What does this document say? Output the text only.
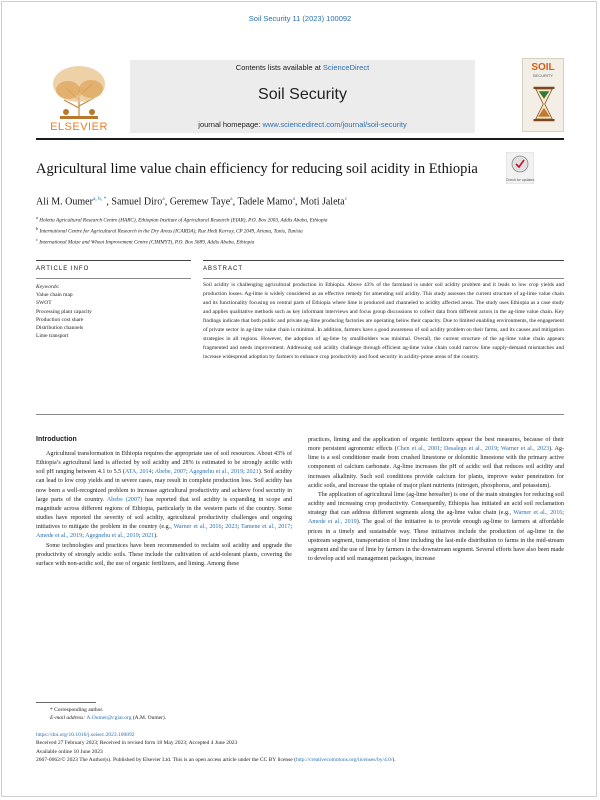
Soil Security 11 (2023) 100092
ELSEVIER
Contents lists available at ScienceDirect
Soil Security
journal homepage: www.sciencedirect.com/journal/soil-security
SOIL
SECURITY
Agricultural lime value chain efficiency for reducing soil acidity in Ethiopia
Check for updates
Ali M. Oumer$^{a, b, *}$, Samuel Diro$^a$, Geremew Taye$^a$, Tadele Mamo$^a$, Moti Jaleta$^c$
$^a$ Holetta Agricultural Research Centre (HARC), Ethiopian Institute of Agricultural Research (EIAR), P.O. Box 2003, Addis Ababa, Ethiopia
$^b$ International Centre for Agricultural Research in the Dry Areas (ICARDA), Rue Hedi Karray, CP 2049, Ariana, Tunis, Tunisia
$^c$ International Maize and Wheat Improvement Centre (CIMMYT), P.O. Box 5689, Addis Ababa, Ethiopia
ARTICLE INFO	ABSTRACT
Keywords:
Value chain map
SWOT
Processing plant capacity
Production cost share
Distribution channels
Lime transport
Soil acidity is challenging agricultural production in Ethiopia. Above 43% of the farmland is under soil acidity problem and it leads to low crop yields and production losses. Ag-lime is widely considered as an effective remedy for amending soil acidity. This study assesses the current structure of ag-lime value chain and its functionality focusing on central parts of Ethiopia where lime is produced and channeled to acidity affected areas. The study uses Ethiopia as a case study and applies qualitative methods such as key informant interviews and focus group discussions to collect data from different actors in the ag-lime value chain. Key findings indicate that both public and private ag-lime producing factories are operating below their capacity. Due to limited enabling environments, the engagement of private sector in ag-lime value chain is minimal. In addition, farmers have a good awareness of soil acidity problem on their farms, and its causes and mitigation strategies in all regions. However, the adoption of ag-lime by smallholders was minimal. Overall, the current structure of the ag-lime value chain appears fragmented and needs improvement. Addressing soil acidity challenge through efficient ag-lime value chain could narrow lime supply-demand mismatches and increase widespread adoption by farmers to enhance crop productivity and food security in acidity-prone areas of the country.
Introduction

Agricultural transformation in Ethiopia requires the appropriate use of soil resources. About 43% of Ethiopia’s agricultural land is affected by soil acidity and 28% is estimated to be strongly acidic with soil pH ranging between 4.1 to 5.5 (ATA, 2014; Abebe, 2007; Agegnehu et al., 2019; 2021). Soil acidity can lead to low crop yields and in severe cases, may result in complete production loss. Soil acidity has now been a well-recognized problem to increase agricultural productivity and achieve food security in large parts of the country. Abebe (2007) has reported that soil acidity is expanding in scope and magnitude across different regions of Ethiopia, particularly in the western parts of the country. Some studies have reported the severity of soil acidity, agricultural productivity challenges and ongoing initiatives to mitigate the problem in the country (e.g., Warner et al., 2016; 2023; Tamene et al., 2017; Amede et al., 2019; Agegnehu et al., 2019; 2021).

Some technologies and practices have been recommended to reclaim soil acidity and upgrade the productivity of strongly acidic soils. These include the cultivation of acid-tolerant plants, covering the surface with non-acidic soil, the use of organic fertilizers, and liming. Among these

practices, liming and the application of organic fertilizers appear the best measures, because of their more persistent agronomic effects (Chen et al., 2001; Desalegn et al., 2019; Warner et al., 2023). Ag-lime is a soil conditioner made from crushed limestone or dolomitic limestone with the primary active component of calcium carbonate. Ag-lime increases the pH of acidic soil that reduces soil acidity and increases alkalinity. Such soil conditions provide calcium for plants, improve water penetration for acidic soils, and increase the uptake of major plant nutrients (nitrogen, phosphorus, and potassium).

The application of agricultural lime (ag-lime hereafter) is one of the main strategies for reducing soil acidity and increasing crop productivity. Consequently, Ethiopia has initiated an acid soil reclamation strategy that can address different segments along the ag-lime value chain (e.g., Warner et al., 2016; Amede et al., 2019). The goal of the initiative is to provide enough ag-lime to farmers at affordable prices in a timely and sustainable way. These initiatives include the production of ag-lime in the upstream segment, transportation of lime including the last-mile distribution to farms in the mid-stream segment and the use of lime by farmers in the downstream segment. Several efforts have also been made to develop acid soil management packages, increase

* Corresponding author.
E-mail address: A.Oumer@cgiar.org (A.M. Oumer).
https://doi.org/10.1016/j.soisec.2023.100092
Received 27 February 2023; Received in revised form 18 May 2023; Accepted 4 June 2023
Available online 10 June 2023
2667-0062/© 2023 The Author(s). Published by Elsevier Ltd. This is an open access article under the CC BY license (http://creativecommons.org/licenses/by/4.0/).
